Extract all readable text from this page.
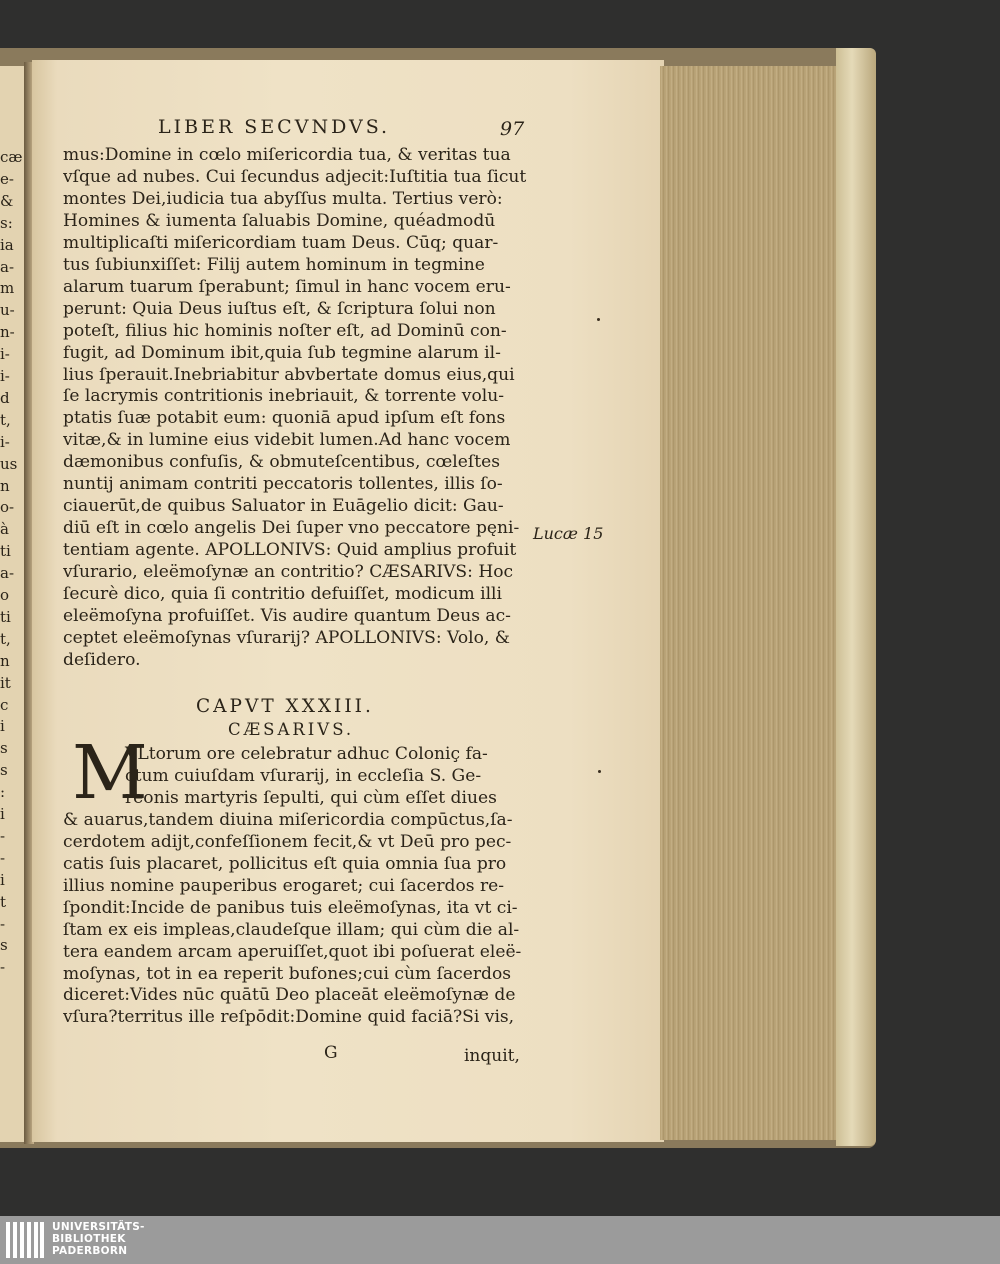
cæ
e-
&
s:
ia
a-
m
u-
n-
i-
i-
d
t,
i-
us
n
o-
à
ti
a-
o
ti
t,
n
it
c
i
s
s
:
i
-
-
i
t
-
s
-
LIBER SECVNDVS.	97
mus:Domine in cœlo miſericordia tua, & veritas tua
vſque ad nubes. Cui ſecundus adjecit:Iuſtitia tua ſicut
montes Dei,iudicia tua abyſſus multa. Tertius verò:
Homines & iumenta ſaluabis Domine, quéadmodū
multiplicaſti miſericordiam tuam Deus. Cūq; quar-
tus ſubiunxiſſet: Filij autem hominum in tegmine
alarum tuarum ſperabunt; ſimul in hanc vocem eru-
perunt: Quia Deus iuſtus eſt, & ſcriptura ſolui non
poteſt, filius hic hominis noſter eſt, ad Dominū con-
fugit, ad Dominum ibit,quia ſub tegmine alarum il-
lius ſperauit.Inebriabitur abvbertate domus eius,qui
ſe lacrymis contritionis inebriauit, & torrente volu-
ptatis ſuæ potabit eum: quoniā apud ipſum eſt fons
vitæ,& in lumine eius videbit lumen.Ad hanc vocem
dæmonibus confuſis, & obmuteſcentibus, cœleſtes
nuntij animam contriti peccatoris tollentes, illis ſo-
ciauerūt,de quibus Saluator in Euāgelio dicit: Gau-
diū eſt in cœlo angelis Dei ſuper vno peccatore pęni-
tentiam agente. APOLLONIVS: Quid amplius profuit
vſurario, eleëmoſynæ an contritio? CÆSARIVS: Hoc
ſecurè dico, quia ſi contritio defuiſſet, modicum illi
eleëmoſyna profuiſſet. Vis audire quantum Deus ac-
ceptet eleëmoſynas vſurarij? APOLLONIVS: Volo, &
deſidero.
CAPVT XXXIII.
CÆSARIVS.
M
VLtorum ore celebratur adhuc Coloniç fa-
ctum cuiuſdam vſurarij, in eccleſia S. Ge-
reonis martyris ſepulti, qui cùm eſſet diues
& auarus,tandem diuina miſericordia compūctus,ſa-
cerdotem adijt,confeſſionem fecit,& vt Deū pro pec-
catis ſuis placaret, pollicitus eſt quia omnia ſua pro
illius nomine pauperibus erogaret; cui ſacerdos re-
ſpondit:Incide de panibus tuis eleëmoſynas, ita vt ci-
ſtam ex eis impleas,claudeſque illam; qui cùm die al-
tera eandem arcam aperuiſſet,quot ibi poſuerat eleë-
moſynas, tot in ea reperit bufones;cui cùm ſacerdos
diceret:Vides nūc quātū Deo placeāt eleëmoſynæ de
vſura?territus ille reſpōdit:Domine quid faciā?Si vis,
Lucæ 15
G	inquit,
UNIVERSITÄTS-
BIBLIOTHEK
PADERBORN
